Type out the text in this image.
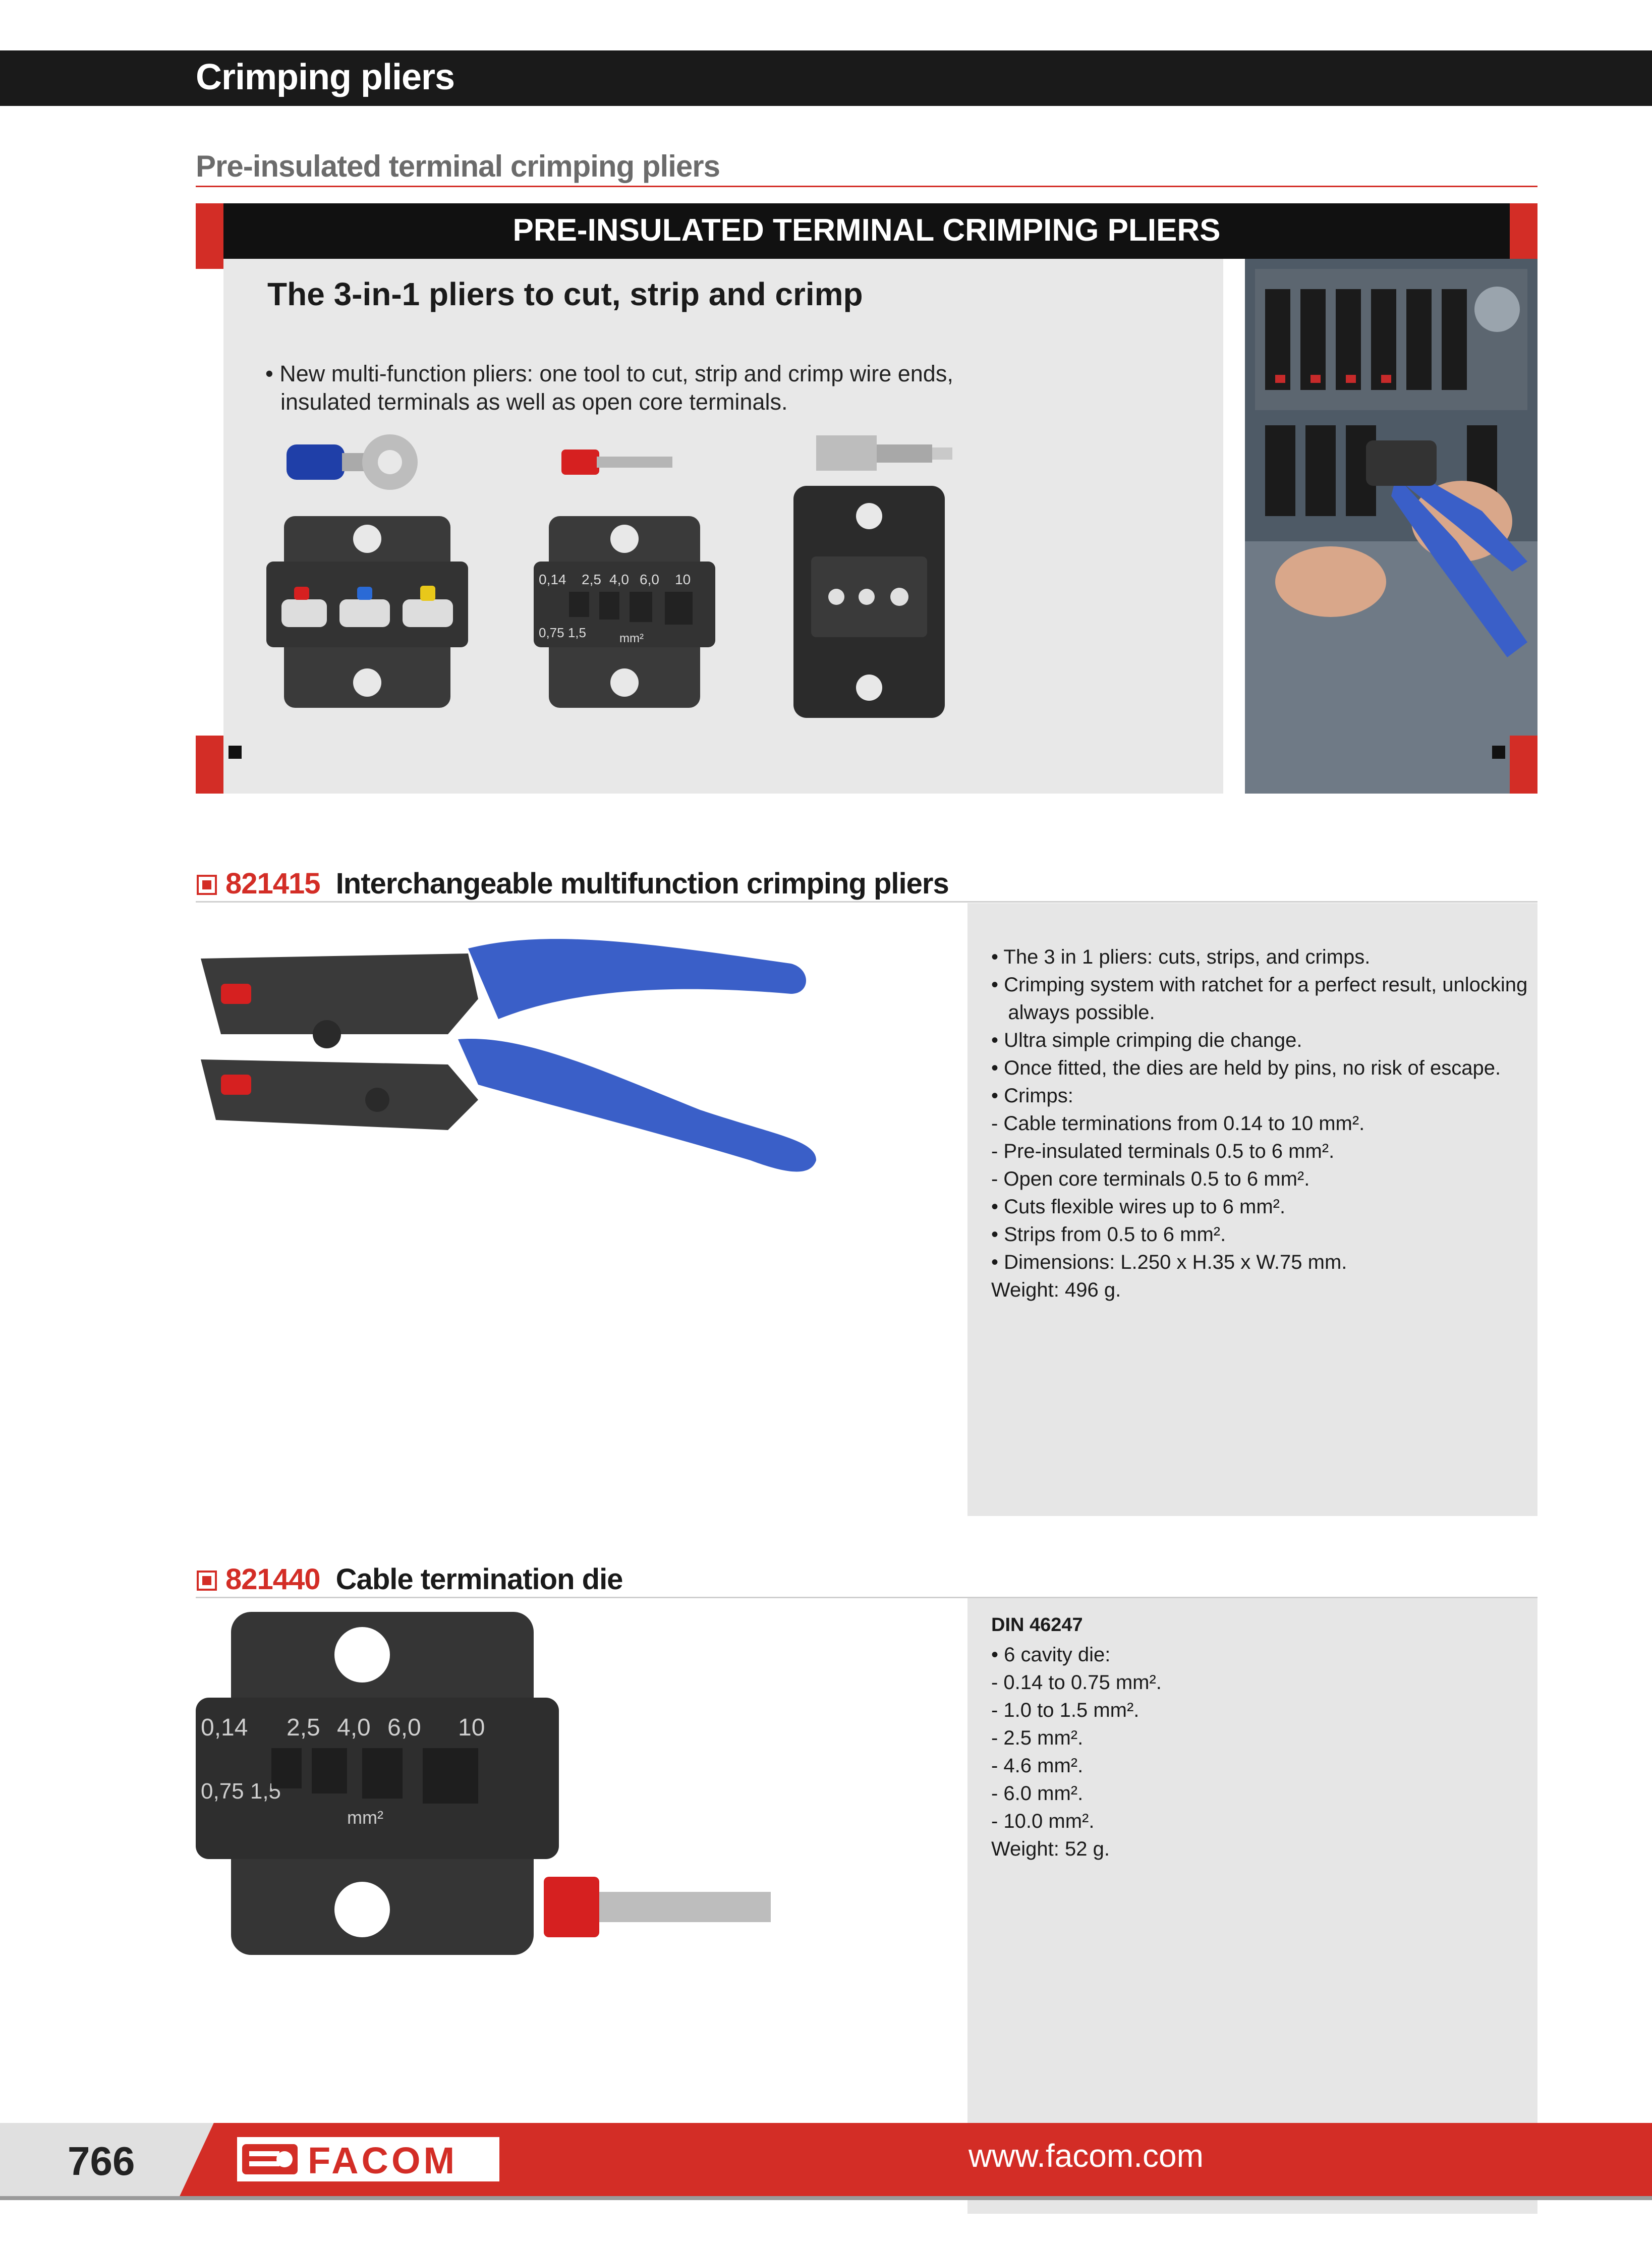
Crimping pliers
Pre-insulated terminal crimping pliers
PRE-INSULATED TERMINAL CRIMPING PLIERS
The 3-in-1 pliers to cut, strip and crimp
• New multi-function pliers: one tool to cut, strip and crimp wire ends,
insulated terminals as well as open core terminals.
0,14 2,5 4,0 6,0 10
0,75 1,5	mm²
821415 Interchangeable multifunction crimping pliers
• The 3 in 1 pliers: cuts, strips, and crimps.
• Crimping system with ratchet for a perfect result, unlocking
always possible.
• Ultra simple crimping die change.
• Once fitted, the dies are held by pins, no risk of escape.
• Crimps:
- Cable terminations from 0.14 to 10 mm².
- Pre-insulated terminals 0.5 to 6 mm².
- Open core terminals 0.5 to 6 mm².
• Cuts flexible wires up to 6 mm².
• Strips from 0.5 to 6 mm².
• Dimensions: L.250 x H.35 x W.75 mm.
Weight: 496 g.
821440 Cable termination die
0,14 2,5 4,0 6,0 10
0,75 1,5
mm²
DIN 46247
• 6 cavity die:
- 0.14 to 0.75 mm².
- 1.0 to 1.5 mm².
- 2.5 mm².
- 4.6 mm².
- 6.0 mm².
- 10.0 mm².
Weight: 52 g.
766	FACOM	www.facom.com
